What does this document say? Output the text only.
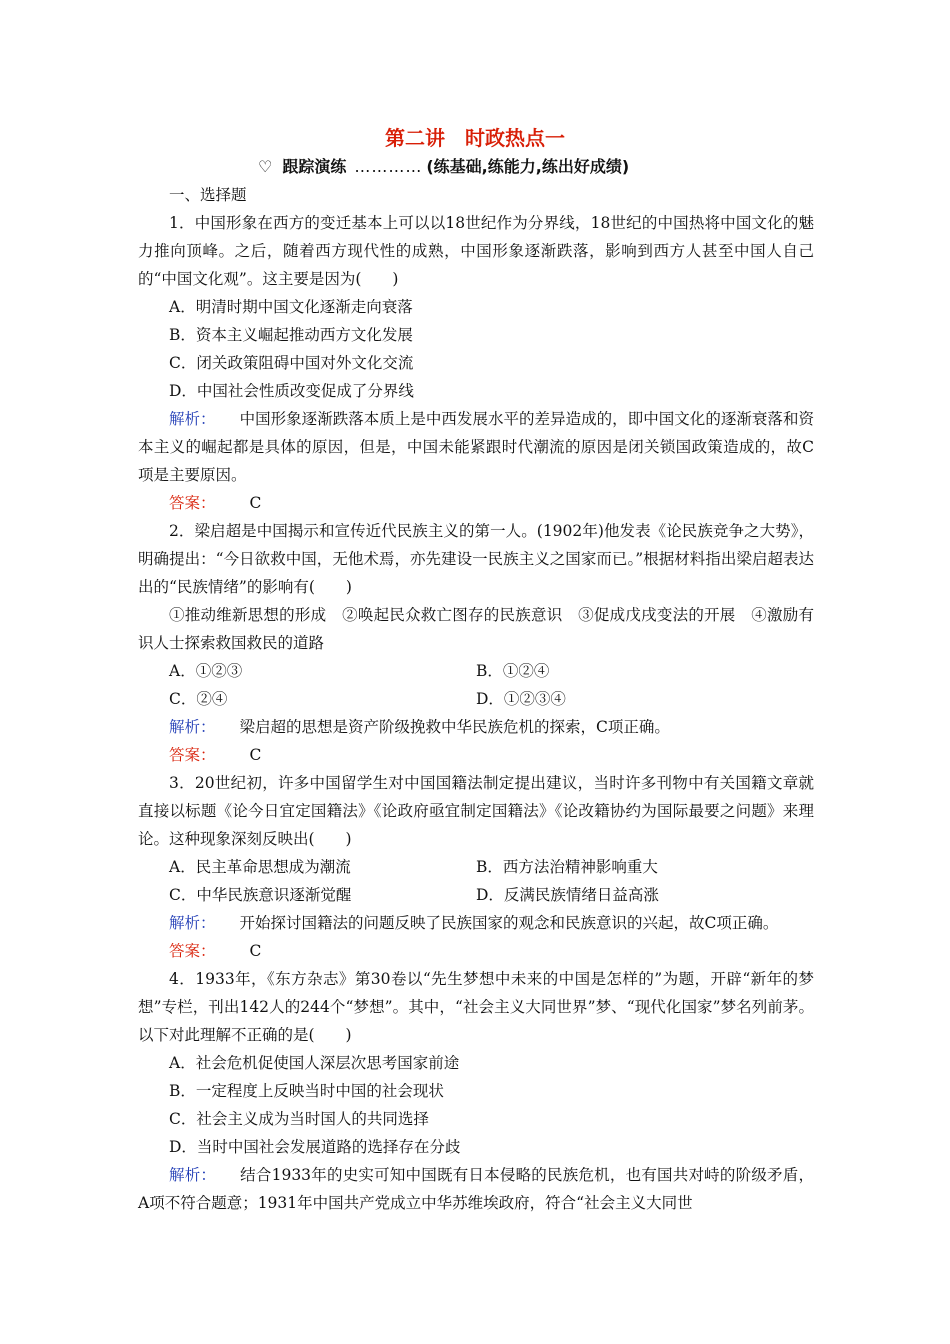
第二讲　时政热点一
♡ 跟踪演练 ………… (练基础,练能力,练出好成绩)

一、选择题

1．中国形象在西方的变迁基本上可以以18世纪作为分界线，18世纪的中国热将中国文化的魅力推向顶峰。之后，随着西方现代性的成熟，中国形象逐渐跌落，影响到西方人甚至中国人自己的“中国文化观”。这主要是因为(　　)

A．明清时期中国文化逐渐走向衰落

B．资本主义崛起推动西方文化发展

C．闭关政策阻碍中国对外文化交流

D．中国社会性质改变促成了分界线

解析： 中国形象逐渐跌落本质上是中西发展水平的差异造成的，即中国文化的逐渐衰落和资本主义的崛起都是具体的原因，但是，中国未能紧跟时代潮流的原因是闭关锁国政策造成的，故C项是主要原因。

答案： C

2．梁启超是中国揭示和宣传近代民族主义的第一人。(1902年)他发表《论民族竞争之大势》，明确提出：“今日欲救中国，无他术焉，亦先建设一民族主义之国家而已。”根据材料指出梁启超表达出的“民族情绪”的影响有(　　)

①推动维新思想的形成　②唤起民众救亡图存的民族意识　③促成戊戌变法的开展　④激励有识人士探索救国救民的道路

A．①②③	B．①②④
C．②④	D．①②③④

解析： 梁启超的思想是资产阶级挽救中华民族危机的探索，C项正确。

答案： C

3．20世纪初，许多中国留学生对中国国籍法制定提出建议，当时许多刊物中有关国籍文章就直接以标题《论今日宜定国籍法》《论政府亟宜制定国籍法》《论改籍协约为国际最要之问题》来理论。这种现象深刻反映出(　　)

A．民主革命思想成为潮流	B．西方法治精神影响重大
C．中华民族意识逐渐觉醒	D．反满民族情绪日益高涨

解析： 开始探讨国籍法的问题反映了民族国家的观念和民族意识的兴起，故C项正确。

答案： C

4．1933年，《东方杂志》第30卷以“先生梦想中未来的中国是怎样的”为题，开辟“新年的梦想”专栏，刊出142人的244个“梦想”。其中，“社会主义大同世界”梦、“现代化国家”梦名列前茅。以下对此理解不正确的是(　　)

A．社会危机促使国人深层次思考国家前途

B．一定程度上反映当时中国的社会现状

C．社会主义成为当时国人的共同选择

D．当时中国社会发展道路的选择存在分歧

解析： 结合1933年的史实可知中国既有日本侵略的民族危机，也有国共对峙的阶级矛盾，A项不符合题意；1931年中国共产党成立中华苏维埃政府，符合“社会主义大同世
